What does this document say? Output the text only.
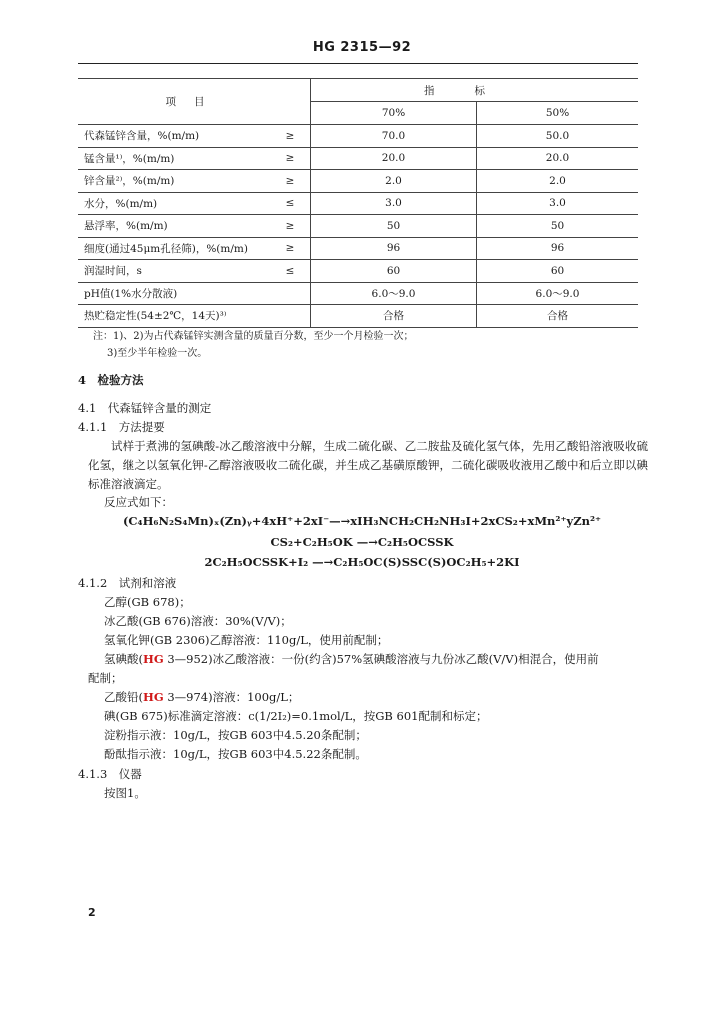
HG 2315—92
项目		指标	
		70%	50%
代森锰锌含量，%(m/m)	≥	70.0	50.0
锰含量¹⁾，%(m/m)	≥	20.0	20.0
锌含量²⁾，%(m/m)	≥	2.0	2.0
水分，%(m/m)	≤	3.0	3.0
悬浮率，%(m/m)	≥	50	50
细度(通过45μm孔径筛)，%(m/m)	≥	96	96
润湿时间，s	≤	60	60
pH值(1%水分散液)		6.0～9.0	6.0～9.0
热贮稳定性(54±2℃，14天)³⁾		合格	合格
注：1)、2)为占代森锰锌实测含量的质量百分数，至少一个月检验一次；
3)至少半年检验一次。
4　检验方法
4.1　代森锰锌含量的测定
4.1.1　方法提要
试样于煮沸的氢碘酸-冰乙酸溶液中分解，生成二硫化碳、乙二胺盐及硫化氢气体，先用乙酸铅溶液吸收硫化氢，继之以氢氧化钾-乙醇溶液吸收二硫化碳，并生成乙基磺原酸钾，二硫化碳吸收液用乙酸中和后立即以碘标准溶液滴定。
反应式如下：
(C₄H₆N₂S₄Mn)ₓ(Zn)ᵧ+4xH⁺+2xI⁻—→xIH₃NCH₂CH₂NH₃I+2xCS₂+xMn²⁺yZn²⁺
CS₂+C₂H₅OK —→C₂H₅OCSSK
2C₂H₅OCSSK+I₂ —→C₂H₅OC(S)SSC(S)OC₂H₅+2KI
4.1.2　试剂和溶液
乙醇(GB 678)；
冰乙酸(GB 676)溶液：30%(V/V)；
氢氧化钾(GB 2306)乙醇溶液：110g/L，使用前配制；
氢碘酸(HG 3—952)冰乙酸溶液：一份(约含)57%氢碘酸溶液与九份冰乙酸(V/V)相混合，使用前
配制；
乙酸铅(HG 3—974)溶液：100g/L；
碘(GB 675)标准滴定溶液：c(1/2I₂)=0.1mol/L，按GB 601配制和标定；
淀粉指示液：10g/L，按GB 603中4.5.20条配制；
酚酞指示液：10g/L，按GB 603中4.5.22条配制。
4.1.3　仪器
按图1。
2
